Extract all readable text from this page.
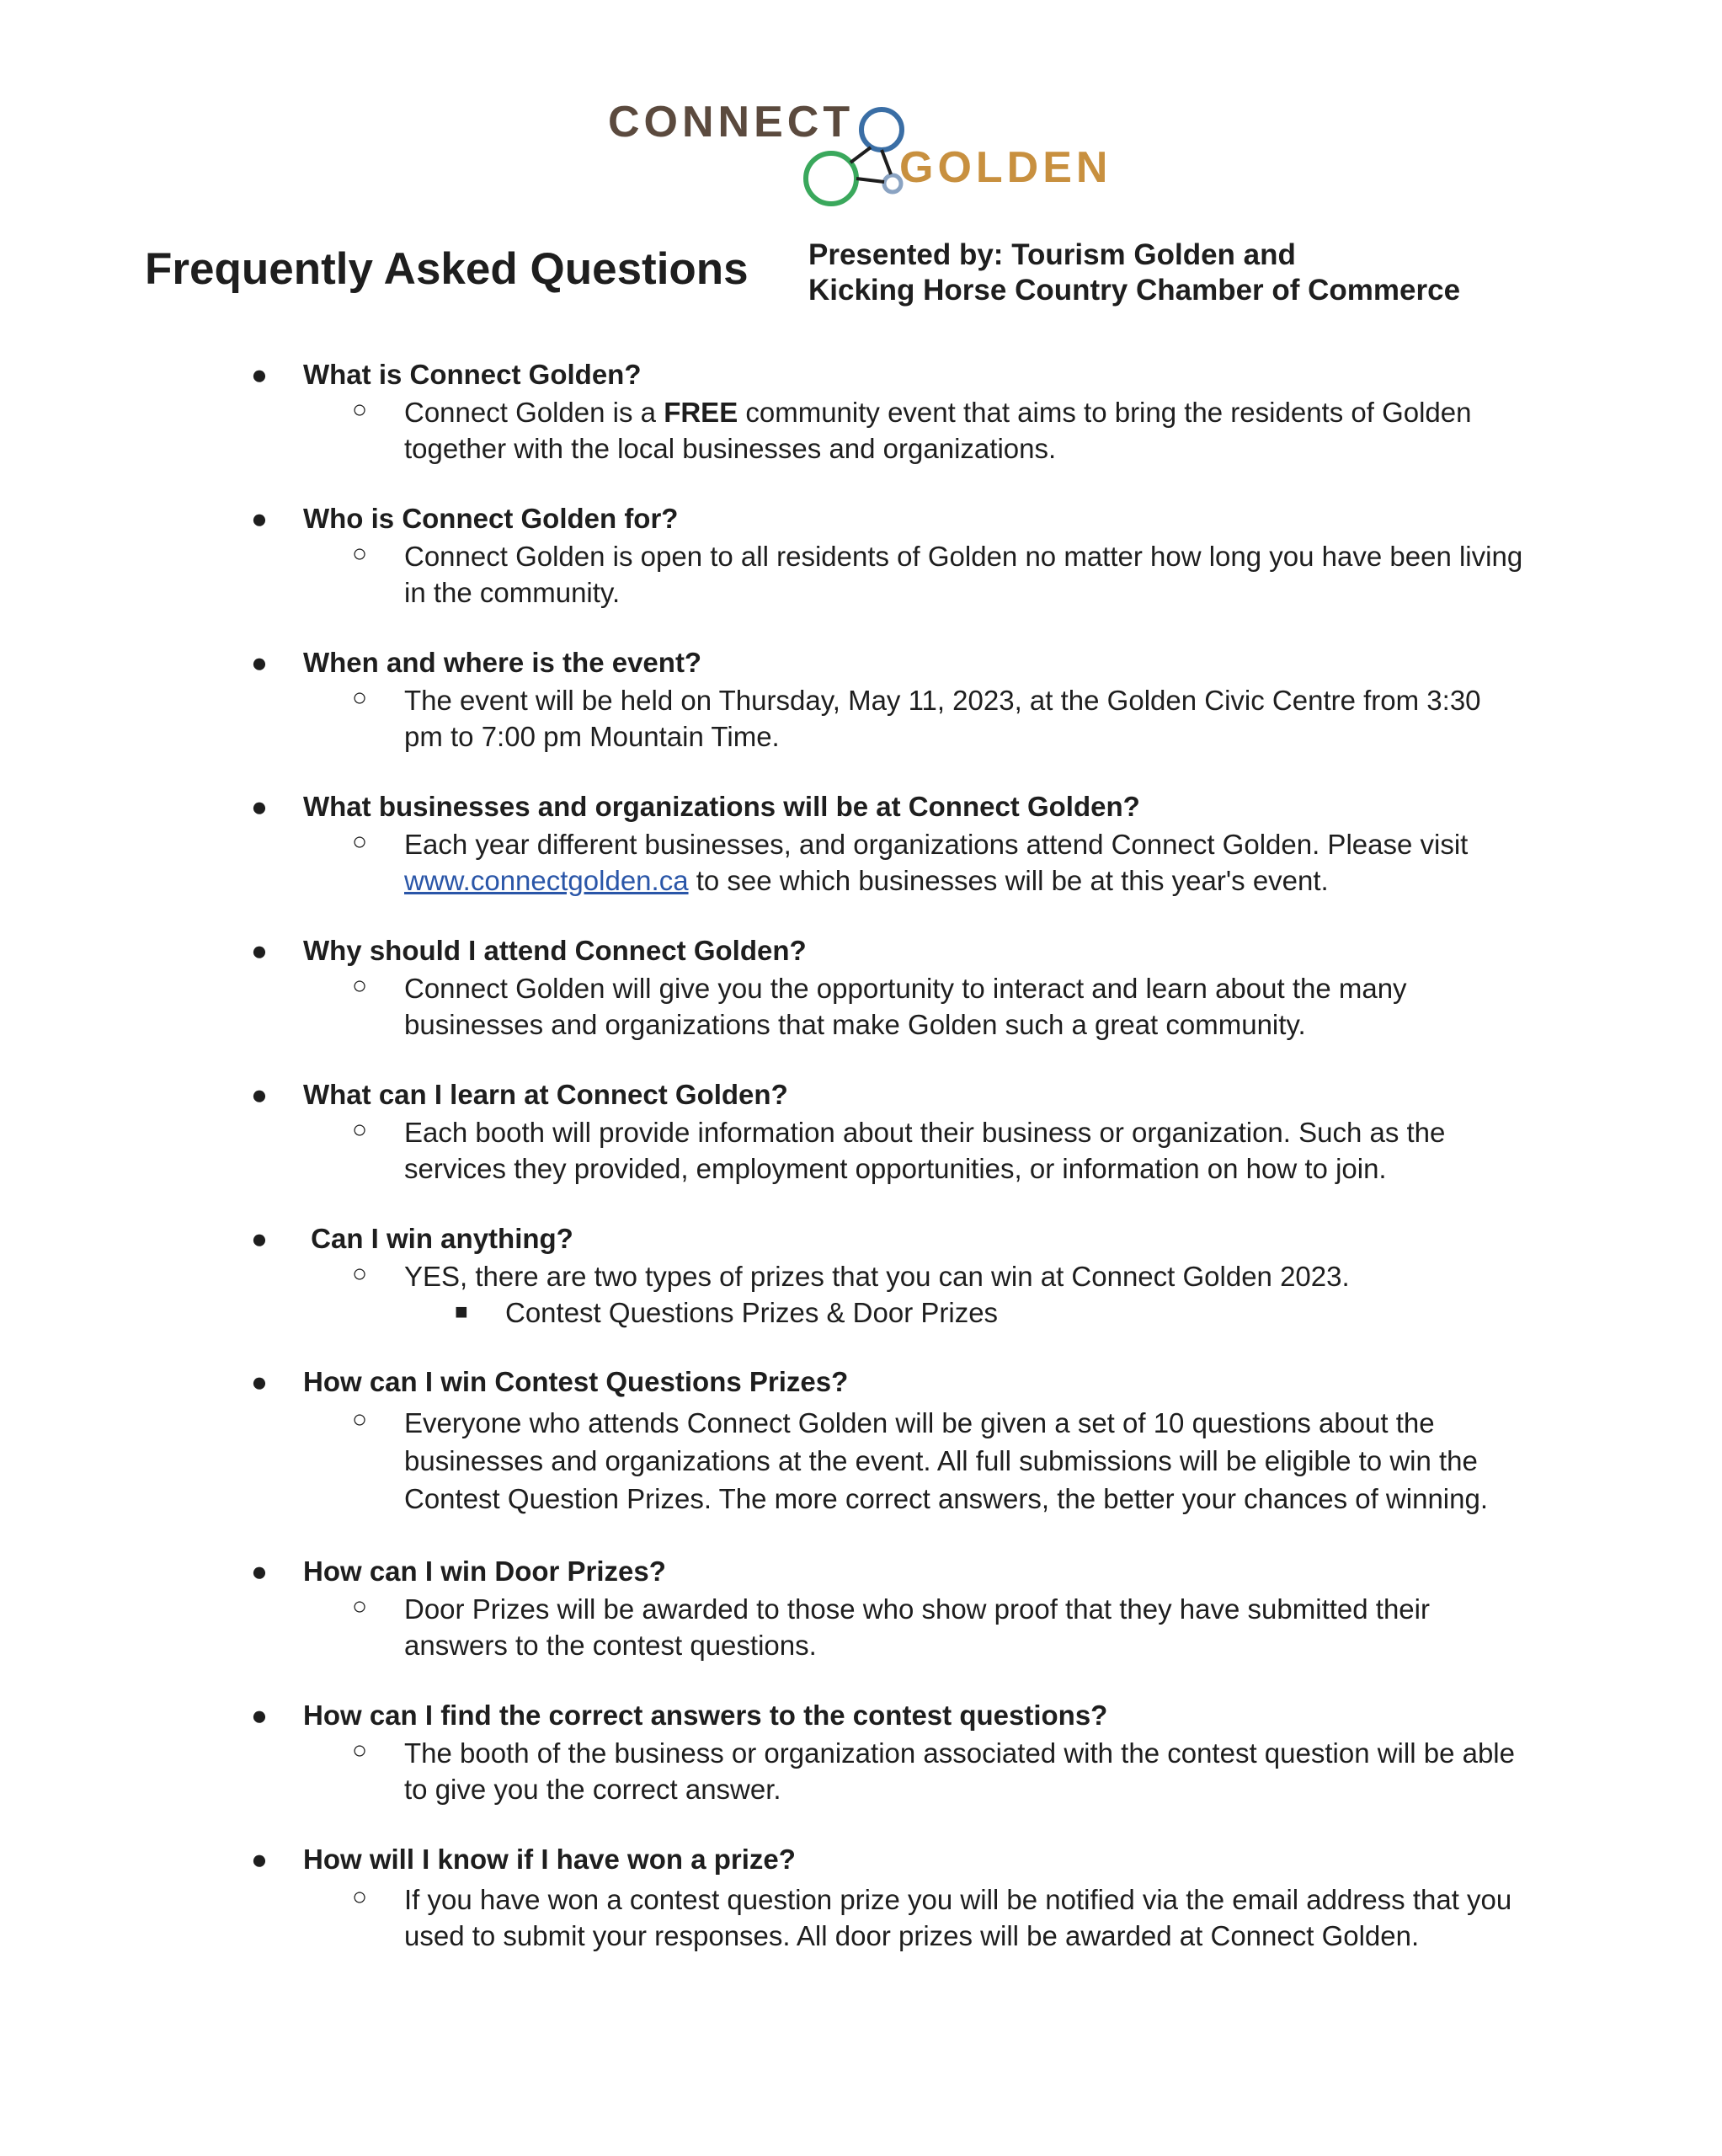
CONNECT
GOLDEN
Frequently Asked Questions Presented by: Tourism Golden and
Kicking Horse Country Chamber of Commerce
● What is Connect Golden?
○ Connect Golden is a FREE community event that aims to bring the residents of Golden together with the local businesses and organizations.
● Who is Connect Golden for?
○ Connect Golden is open to all residents of Golden no matter how long you have been living in the community.
● When and where is the event?
○ The event will be held on Thursday, May 11, 2023, at the Golden Civic Centre from 3:30 pm to 7:00 pm Mountain Time.
● What businesses and organizations will be at Connect Golden?
○ Each year different businesses, and organizations attend Connect Golden. Please visit www.connectgolden.ca to see which businesses will be at this year's event.
● Why should I attend Connect Golden?
○ Connect Golden will give you the opportunity to interact and learn about the many businesses and organizations that make Golden such a great community.
● What can I learn at Connect Golden?
○ Each booth will provide information about their business or organization. Such as the services they provided, employment opportunities, or information on how to join.
● Can I win anything?
○ YES, there are two types of prizes that you can win at Connect Golden 2023.
■ Contest Questions Prizes & Door Prizes
● How can I win Contest Questions Prizes?
○ Everyone who attends Connect Golden will be given a set of 10 questions about the businesses and organizations at the event. All full submissions will be eligible to win the Contest Question Prizes. The more correct answers, the better your chances of winning.
● How can I win Door Prizes?
○ Door Prizes will be awarded to those who show proof that they have submitted their answers to the contest questions.
● How can I find the correct answers to the contest questions?
○ The booth of the business or organization associated with the contest question will be able to give you the correct answer.
● How will I know if I have won a prize?
○ If you have won a contest question prize you will be notified via the email address that you used to submit your responses. All door prizes will be awarded at Connect Golden.
